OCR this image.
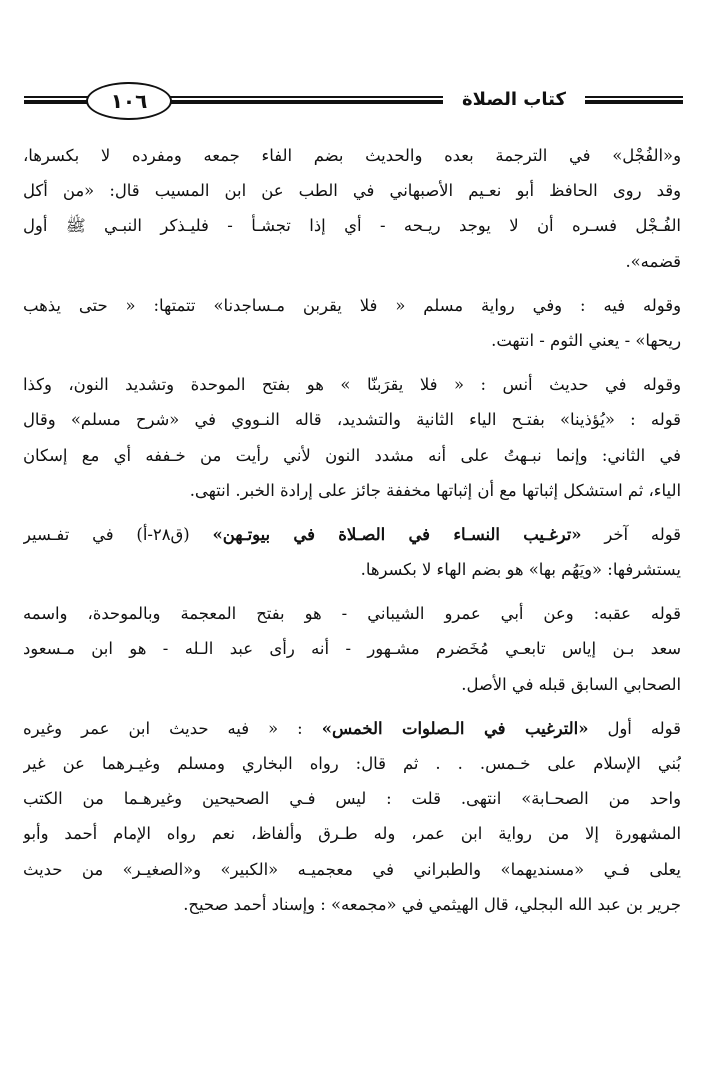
١٠٦	كتاب الصلاة
و«الفُجْل» في الترجمة بعده والحديث بضم الفاء جمعه ومفرده لا بكسرها،
وقد روى الحافظ أبو نعـيم الأصبهاني في الطب عن ابن المسيب قال: «من أكل
الفُـجْل فسـره أن لا يوجد ريـحه - أي إذا تجشـأ - فليـذكر النبـي ﷺ أول
قضمه».
وقوله فيه : وفي رواية مسلم « فلا يقربن مـساجدنا» تتمتها: « حتى يذهب
ريحها» - يعني الثوم - انتهت.
وقوله في حديث أنس : « فلا يقرَبنّا » هو بفتح الموحدة وتشديد النون، وكذا
قوله : «يُؤذينا» بفتـح الياء الثانية والتشديد، قاله النـووي في «شرح مسلم» وقال
في الثاني: وإنما نبـهتُ على أنه مشدد النون لأني رأيت من خـففه أي مع إسكان
الياء، ثم استشكل إثباتها مع أن إثباتها مخففة جائز على إرادة الخبر. انتهى.
قوله آخر «ترغـيب النسـاء في الصـلاة في بيوتـهن» (ق٢٨-أ) في تفـسير
يستشرفها: «ويَهُم بها» هو بضم الهاء لا بكسرها.
قوله عقبه: وعن أبي عمرو الشيباني - هو بفتح المعجمة وبالموحدة، واسمه
سعد بـن إياس تابعـي مُخَضرم مشـهور - أنه رأى عبد الـله - هو ابن مـسعود
الصحابي السابق قبله في الأصل.
قوله أول «الترغيب في الـصلوات الخمس» : « فيه حديث ابن عمر وغيره
بُني الإسلام على خـمس. . . ثم قال: رواه البخاري ومسلم وغيـرهما عن غير
واحد من الصحـابة» انتهى. قلت : ليس فـي الصحيحين وغيرهـما من الكتب
المشهورة إلا من رواية ابن عمر، وله طـرق وألفاظ، نعم رواه الإمام أحمد وأبو
يعلى فـي «مسنديهما» والطبراني في معجميـه «الكبير» و«الصغيـر» من حديث
جرير بن عبد الله البجلي، قال الهيثمي في «مجمعه» : وإسناد أحمد صحيح.
